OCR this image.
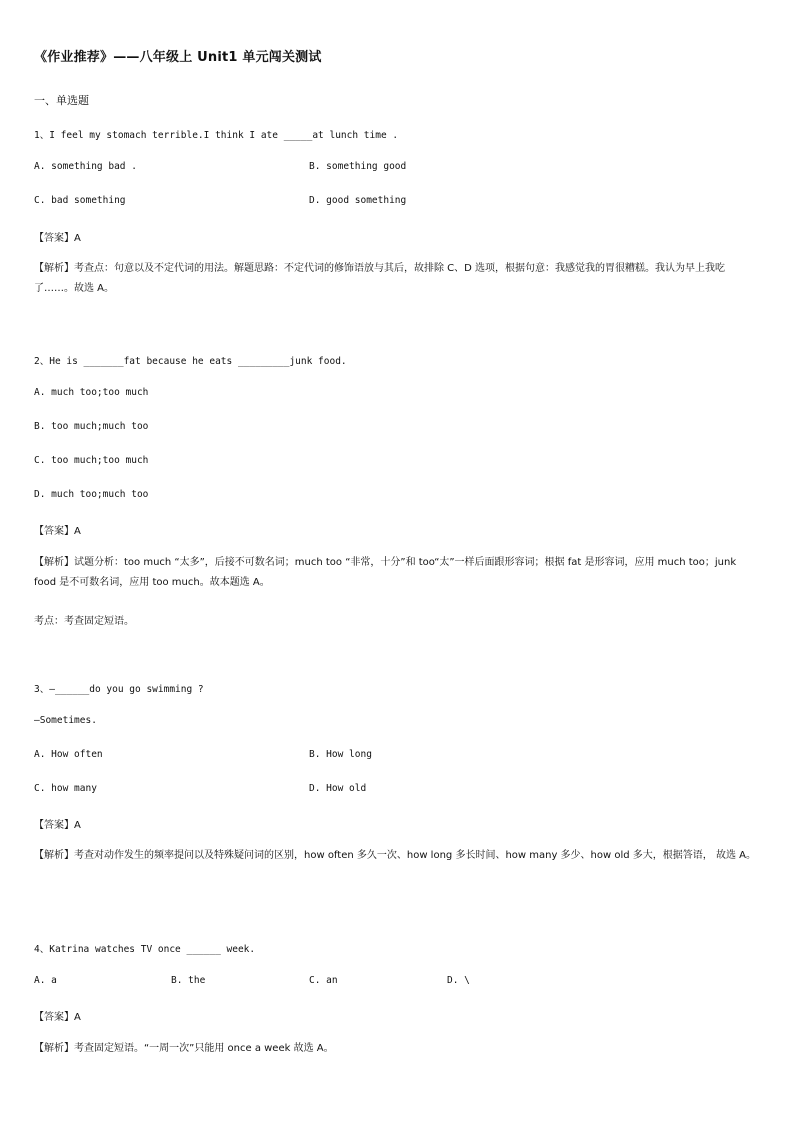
《作业推荐》——八年级上 Unit1 单元闯关测试
一、单选题
1、I feel my stomach terrible.I think I ate _____at lunch time .
A. something bad .	B. something good
C. bad something	D. good something
【答案】A
【解析】考查点：句意以及不定代词的用法。解题思路：不定代词的修饰语放与其后，故排除 C、D 选项，根据句意：我感觉我的胃很糟糕。我认为早上我吃了……。故选 A。
2、He is _______fat because he eats _________junk food.
A. much too;too much
B. too much;much too
C. too much;too much
D. much too;much too
【答案】A
【解析】试题分析：too much “太多”，后接不可数名词；much too “非常，十分”和 too“太”一样后面跟形容词；根据 fat 是形容词，应用 much too；junk food 是不可数名词，应用 too much。故本题选 A。
考点：考查固定短语。
3、—______do you go swimming ?
—Sometimes.
A. How often	B. How long
C. how many	D. How old
【答案】A
【解析】考查对动作发生的频率提问以及特殊疑问词的区别，how often 多久一次、how long 多长时间、how many 多少、how old 多大，根据答语， 故选 A。
4、Katrina watches TV once ______ week.
A. a	B. the	C. an	D. \
【答案】A
【解析】考查固定短语。“一周一次”只能用 once a week 故选 A。
